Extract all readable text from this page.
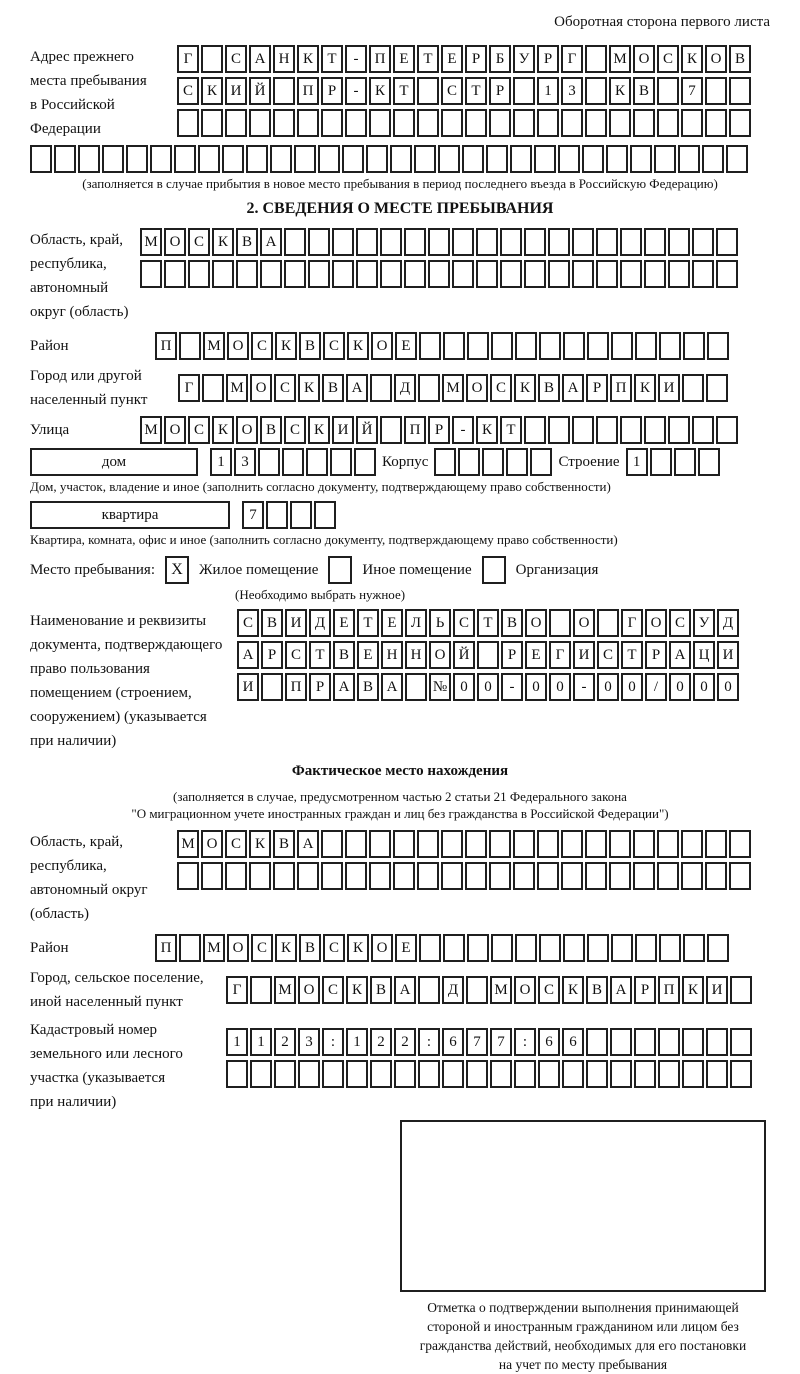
Оборотная сторона первого листа
Адрес прежнего
места пребывания
в Российской
Федерации
Г	С А Н К Т	-	П Е Т Е	Р	Б У Р	Г	М О С К О В
С К И Й	П Р	-	К Т	С Т	Р	1	3	К В	7
(заполняется в случае прибытия в новое место пребывания в период последнего въезда в Российскую Федерацию)
2. СВЕДЕНИЯ О МЕСТЕ ПРЕБЫВАНИЯ
Область, край,
республика,
автономный
округ (область)
М О С К В А
Район	П	М О С К В С К О Е
Город или другой
населенный пункт
Г	М О С К В А	Д	М О С К В А Р П К И
Улица	М О С К О В С К И Й	П Р	-	К Т
дом	1	3	Корпус	Строение 1
Дом, участок, владение и иное (заполнить согласно документу, подтверждающему право собственности)
квартира	7
Квартира, комната, офис и иное (заполнить согласно документу, подтверждающему право собственности)
Место пребывания:	X	Жилое помещение	Иное помещение	Организация
(Необходимо выбрать нужное)
Наименование и реквизиты
документа, подтверждающего
право пользования
помещением (строением,
сооружением) (указывается
при наличии)
С В И Д Е Т Е Л Ь С Т В О	О	Г О С У Д
А Р С Т В Е Н Н О Й	Р	Е	Г И С Т	Р А Ц И
И	П Р А В А	№ 0	0	-	0	0	-	0	0	/	0	0	0
Фактическое место нахождения
(заполняется в случае, предусмотренном частью 2 статьи 21 Федерального закона
"О миграционном учете иностранных граждан и лиц без гражданства в Российской Федерации")
Область, край,
республика,
автономный округ
(область)
М О С К В А
Район	П	М О С К В С К О Е
Город, сельское поселение,
иной населенный пункт
Г	М О С К В А	Д	М О С К В А Р П К И
Кадастровый номер
земельного или лесного
участка (указывается
при наличии)
1	1	2	3	:	1	2	2	:	6	7	7	:	6	6
Отметка о подтверждении выполнения принимающей
стороной и иностранным гражданином или лицом без
гражданства действий, необходимых для его постановки
на учет по месту пребывания
